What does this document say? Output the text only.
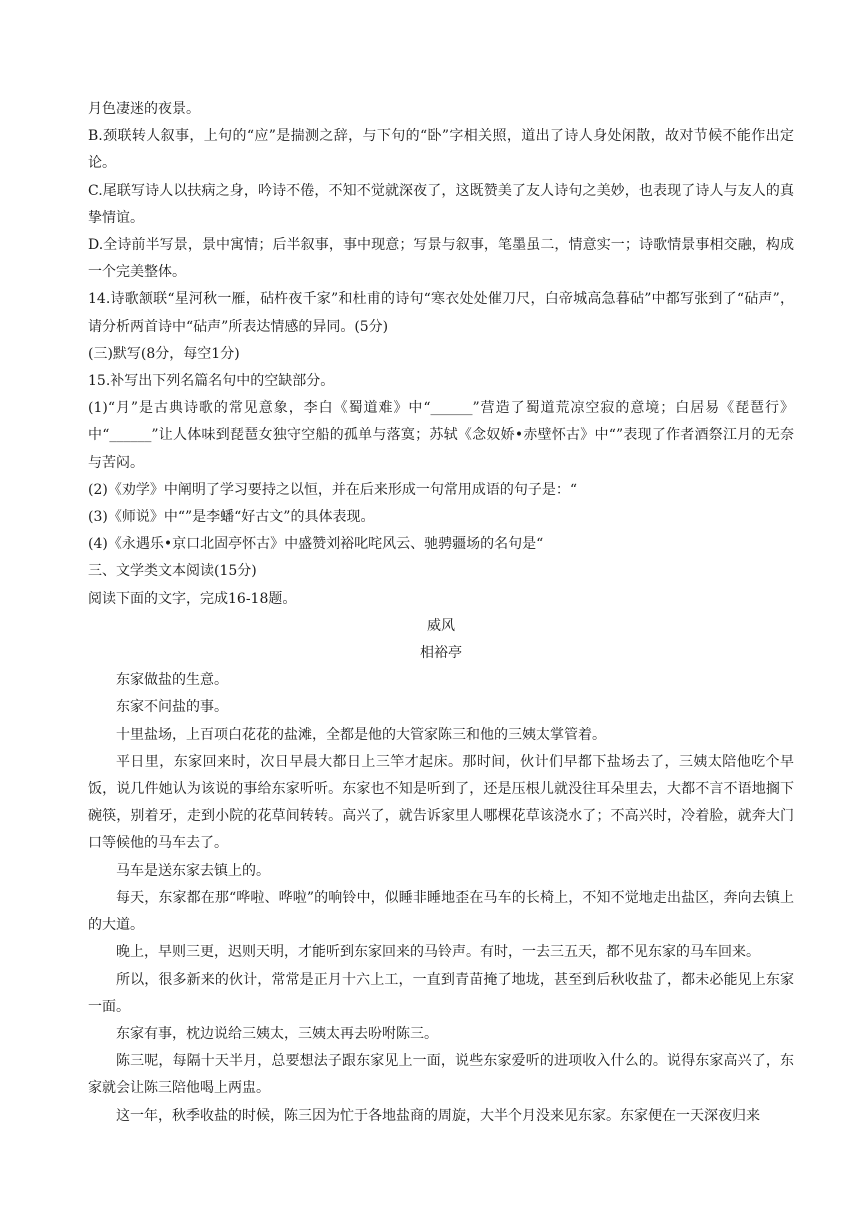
月色凄迷的夜景。

B.颈联转人叙事，上句的“应”是揣测之辞，与下句的“卧”字相关照，道出了诗人身处闲散，故对节候不能作出定论。

C.尾联写诗人以扶病之身，吟诗不倦，不知不觉就深夜了，这既赞美了友人诗句之美妙，也表现了诗人与友人的真挚情谊。

D.全诗前半写景，景中寓情；后半叙事，事中现意；写景与叙事，笔墨虽二，情意实一；诗歌情景事相交融，构成一个完美整体。

14.诗歌颔联“星河秋一雁，砧杵夜千家”和杜甫的诗句“寒衣处处催刀尺，白帝城高急暮砧”中都写张到了“砧声”，请分析两首诗中“砧声”所表达情感的异同。(5分)

(三)默写(8分，每空1分)

15.补写出下列名篇名句中的空缺部分。

(1)“月”是古典诗歌的常见意象，李白《蜀道难》中“______”营造了蜀道荒凉空寂的意境；白居易《琵琶行》中“______”让人体味到琵琶女独守空船的孤单与落寞；苏轼《念奴娇•赤壁怀古》中“”表现了作者酒祭江月的无奈与苦闷。

(2)《劝学》中阐明了学习要持之以恒，并在后来形成一句常用成语的句子是：“

(3)《师说》中“”是李蟠“好古文”的具体表现。

(4)《永遇乐•京口北固亭怀古》中盛赞刘裕叱咤风云、驰骋疆场的名句是“

三、文学类文本阅读(15分)

阅读下面的文字，完成16-18题。

威风

相裕亭

东家做盐的生意。

东家不问盐的事。

十里盐场，上百项白花花的盐滩，全都是他的大管家陈三和他的三姨太掌管着。

平日里，东家回来时，次日早晨大都日上三竿才起床。那时间，伙计们早都下盐场去了，三姨太陪他吃个早饭，说几件她认为该说的事给东家听听。东家也不知是听到了，还是压根儿就没往耳朵里去，大都不言不语地搁下碗筷，别着牙，走到小院的花草间转转。高兴了，就告诉家里人哪棵花草该浇水了；不高兴时，冷着脸，就奔大门口等候他的马车去了。

马车是送东家去镇上的。

每天，东家都在那“哗啦、哗啦”的响铃中，似睡非睡地歪在马车的长椅上，不知不觉地走出盐区，奔向去镇上的大道。

晚上，早则三更，迟则天明，才能听到东家回来的马铃声。有时，一去三五天，都不见东家的马车回来。

所以，很多新来的伙计，常常是正月十六上工，一直到青苗掩了地垅，甚至到后秋收盐了，都未必能见上东家一面。

东家有事，枕边说给三姨太，三姨太再去吩咐陈三。

陈三呢，每隔十天半月，总要想法子跟东家见上一面，说些东家爱听的进项收入什么的。说得东家高兴了，东家就会让陈三陪他喝上两盅。

这一年，秋季收盐的时候，陈三因为忙于各地盐商的周旋，大半个月没来见东家。东家便在一天深夜归来
